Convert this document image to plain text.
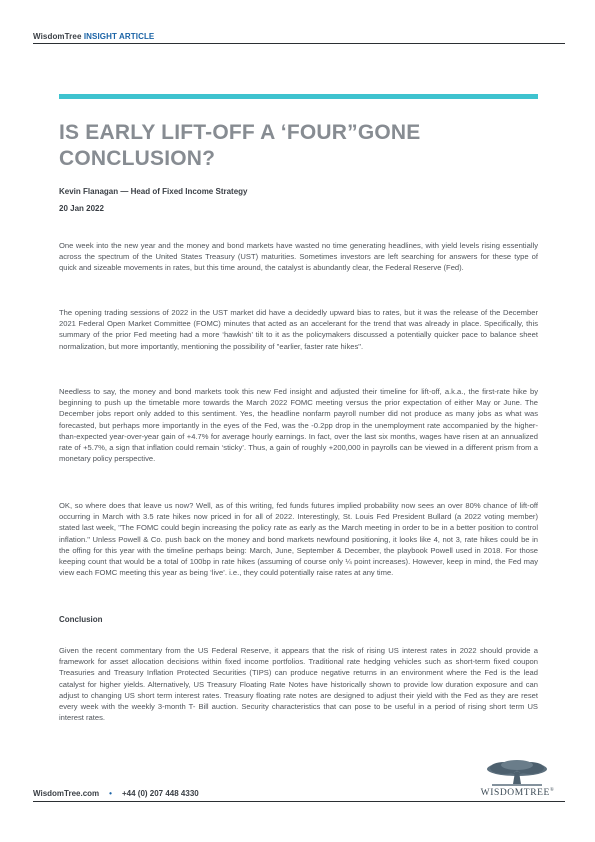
WisdomTree INSIGHT ARTICLE
IS EARLY LIFT-OFF A ‘FOUR”GONE
CONCLUSION?
Kevin Flanagan — Head of Fixed Income Strategy
20 Jan 2022

One week into the new year and the money and bond markets have wasted no time generating headlines, with yield levels rising essentially across the spectrum of the United States Treasury (UST) maturities. Sometimes investors are left searching for answers for these type of quick and sizeable movements in rates, but this time around, the catalyst is abundantly clear, the Federal Reserve (Fed).

The opening trading sessions of 2022 in the UST market did have a decidedly upward bias to rates, but it was the release of the December 2021 Federal Open Market Committee (FOMC) minutes that acted as an accelerant for the trend that was already in place. Specifically, this summary of the prior Fed meeting had a more ‘hawkish’ tilt to it as the policymakers discussed a potentially quicker pace to balance sheet normalization, but more importantly, mentioning the possibility of "earlier, faster rate hikes".

Needless to say, the money and bond markets took this new Fed insight and adjusted their timeline for lift-off, a.k.a., the first-rate hike by beginning to push up the timetable more towards the March 2022 FOMC meeting versus the prior expectation of either May or June. The December jobs report only added to this sentiment. Yes, the headline nonfarm payroll number did not produce as many jobs as what was forecasted, but perhaps more importantly in the eyes of the Fed, was the -0.2pp drop in the unemployment rate accompanied by the higher-than-expected year-over-year gain of +4.7% for average hourly earnings. In fact, over the last six months, wages have risen at an annualized rate of +5.7%, a sign that inflation could remain ‘sticky’. Thus, a gain of roughly +200,000 in payrolls can be viewed in a different prism from a monetary policy perspective.

OK, so where does that leave us now? Well, as of this writing, fed funds futures implied probability now sees an over 80% chance of lift-off occurring in March with 3.5 rate hikes now priced in for all of 2022. Interestingly, St. Louis Fed President Bullard (a 2022 voting member) stated last week, "The FOMC could begin increasing the policy rate as early as the March meeting in order to be in a better position to control inflation." Unless Powell & Co. push back on the money and bond markets newfound positioning, it looks like 4, not 3, rate hikes could be in the offing for this year with the timeline perhaps being: March, June, September & December, the playbook Powell used in 2018. For those keeping count that would be a total of 100bp in rate hikes (assuming of course only ¼ point increases). However, keep in mind, the Fed may view each FOMC meeting this year as being ‘live’. i.e., they could potentially raise rates at any time.

Conclusion

Given the recent commentary from the US Federal Reserve, it appears that the risk of rising US interest rates in 2022 should provide a framework for asset allocation decisions within fixed income portfolios. Traditional rate hedging vehicles such as short-term fixed coupon Treasuries and Treasury Inflation Protected Securities (TIPS) can produce negative returns in an environment where the Fed is the lead catalyst for higher yields. Alternatively, US Treasury Floating Rate Notes have historically shown to provide low duration exposure and can adjust to changing US short term interest rates. Treasury floating rate notes are designed to adjust their yield with the Fed as they are reset every week with the weekly 3-month T- Bill auction. Security characteristics that can pose to be useful in a period of rising short term US interest rates.

WisdomTree.com • +44 (0) 207 448 4330	WISDOMTREE®
